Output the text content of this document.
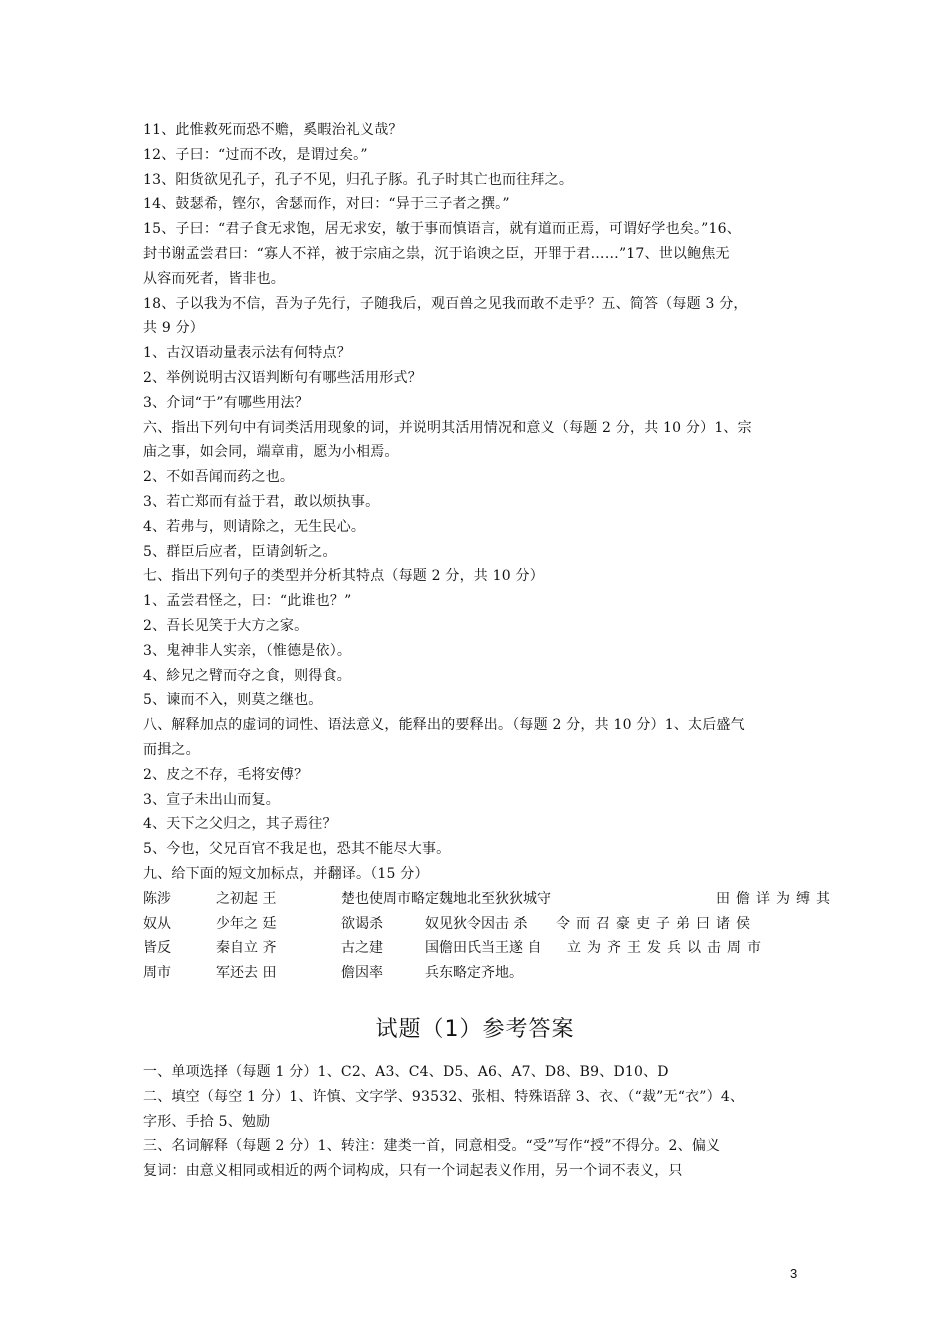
11、此惟救死而恐不赡，奚暇治礼义哉？
12、子曰：“过而不改，是谓过矣。”
13、阳货欲见孔子，孔子不见，归孔子豚。孔子时其亡也而往拜之。
14、鼓瑟希，铿尔，舍瑟而作，对曰：“异于三子者之撰。”
15、子曰：“君子食无求饱，居无求安，敏于事而慎语言，就有道而正焉，可谓好学也矣。”16、
封书谢孟尝君曰：“寡人不祥，被于宗庙之祟，沉于谄谀之臣，开罪于君……”17、世以鲍焦无
从容而死者，皆非也。
18、子以我为不信，吾为子先行，子随我后，观百兽之见我而敢不走乎？五、简答（每题 3 分，
共 9 分）
1、古汉语动量表示法有何特点？
2、举例说明古汉语判断句有哪些活用形式？
3、介词“于”有哪些用法？
六、指出下列句中有词类活用现象的词，并说明其活用情况和意义（每题 2 分，共 10 分）1、宗
庙之事，如会同，端章甫，愿为小相焉。
2、不如吾闻而药之也。
3、若亡郑而有益于君，敢以烦执事。
4、若弗与，则请除之，无生民心。
5、群臣后应者，臣请剑斩之。
七、指出下列句子的类型并分析其特点（每题 2 分，共 10 分）
1、孟尝君怪之，曰：“此谁也？”
2、吾长见笑于大方之家。
3、鬼神非人实亲，（惟德是依）。
4、紾兄之臂而夺之食，则得食。
5、谏而不入，则莫之继也。
八、解释加点的虚词的词性、语法意义，能释出的要释出。（每题 2 分，共 10 分）1、太后盛气
而揖之。
2、皮之不存，毛将安傅？
3、宣子未出山而复。
4、天下之父归之，其子焉往？
5、今也，父兄百官不我足也，恐其不能尽大事。
九、给下面的短文加标点，并翻译。（15 分）
陈涉	之初起 王	楚也使周市略定魏地北至狄狄城守	田儋详为缚其
奴从	少年之 廷	欲谒杀　　　奴见狄令因击 杀 令而召豪吏子弟曰诸侯
皆反	秦自立 齐	古之建　　　国儋田氏当王遂 自 立为齐王发兵以击周市
周市	军还去 田	儋因率　　　兵东略定齐地。
试题（1）参考答案
一、单项选择（每题 1 分）1、C2、A3、C4、D5、A6、A7、D8、B9、D10、D
二、填空（每空 1 分）1、许慎、文字学、93532、张相、特殊语辞 3、衣、（“裁”无“衣”）4、
字形、手拾 5、勉励
三、名词解释（每题 2 分）1、转注：建类一首，同意相受。“受”写作“授”不得分。2、偏义
复词：由意义相同或相近的两个词构成，只有一个词起表义作用，另一个词不表义，只
3
